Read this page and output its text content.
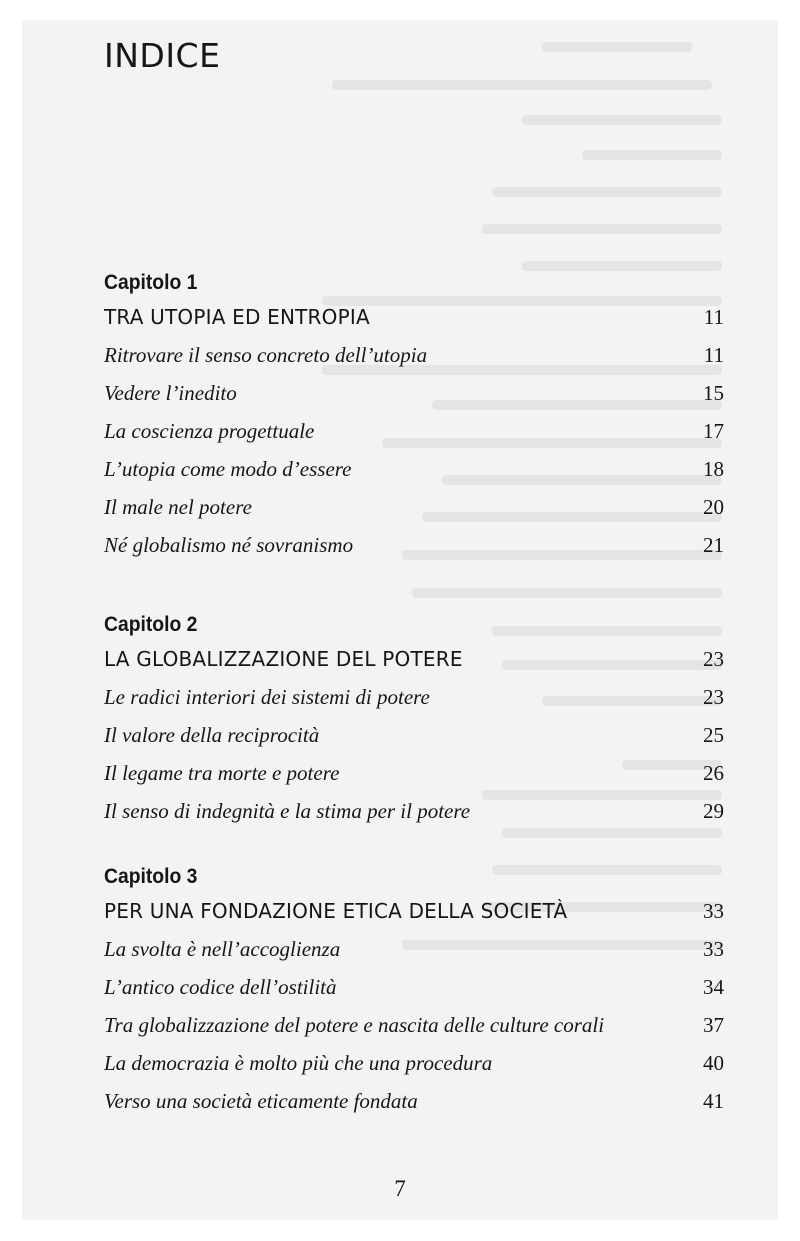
INDICE
Capitolo 1
TRA UTOPIA ED ENTROPIA	11
Ritrovare il senso concreto dell’utopia	11
Vedere l’inedito	15
La coscienza progettuale	17
L’utopia come modo d’essere	18
Il male nel potere	20
Né globalismo né sovranismo	21
Capitolo 2
LA GLOBALIZZAZIONE DEL POTERE	23
Le radici interiori dei sistemi di potere	23
Il valore della reciprocità	25
Il legame tra morte e potere	26
Il senso di indegnità e la stima per il potere	29
Capitolo 3
PER UNA FONDAZIONE ETICA DELLA SOCIETÀ	33
La svolta è nell’accoglienza	33
L’antico codice dell’ostilità	34
Tra globalizzazione del potere e nascita delle culture corali	37
La democrazia è molto più che una procedura	40
Verso una società eticamente fondata	41
7
